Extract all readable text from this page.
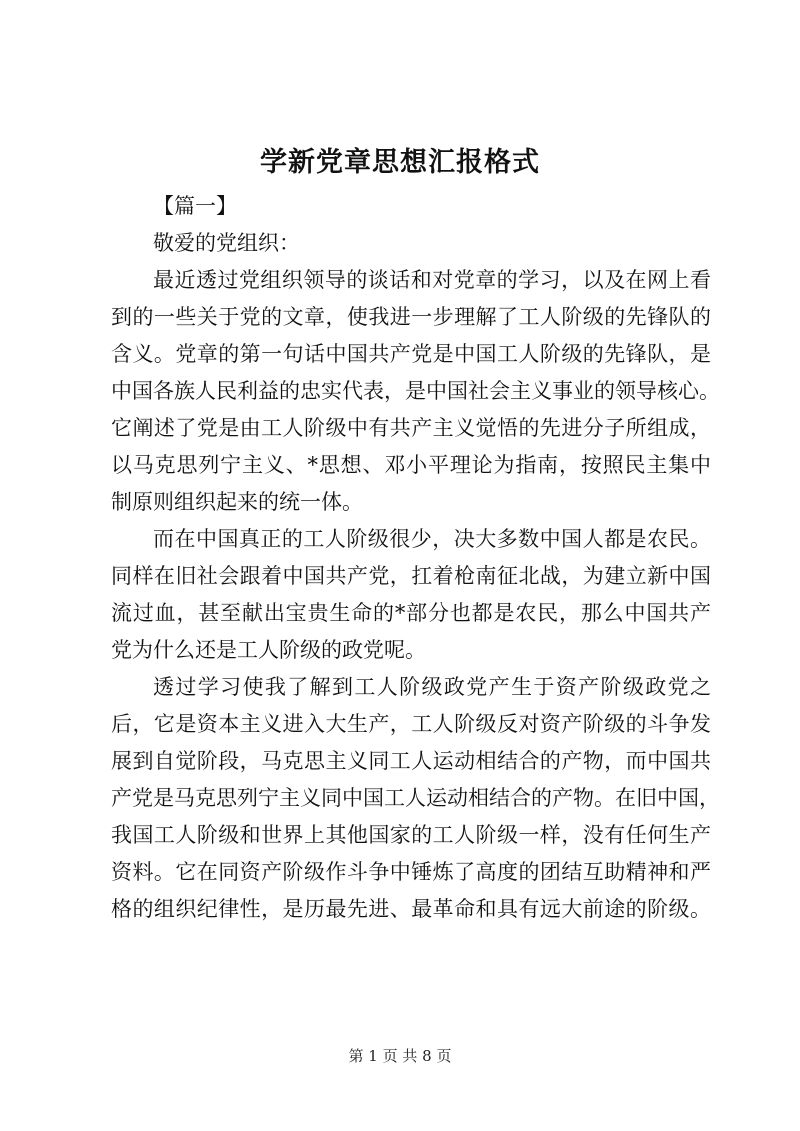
学新党章思想汇报格式
【篇一】
敬爱的党组织：
最近透过党组织领导的谈话和对党章的学习，以及在网上看
到的一些关于党的文章，使我进一步理解了工人阶级的先锋队的
含义。党章的第一句话中国共产党是中国工人阶级的先锋队，是
中国各族人民利益的忠实代表，是中国社会主义事业的领导核心。
它阐述了党是由工人阶级中有共产主义觉悟的先进分子所组成，
以马克思列宁主义、*思想、邓小平理论为指南，按照民主集中
制原则组织起来的统一体。
而在中国真正的工人阶级很少，决大多数中国人都是农民。
同样在旧社会跟着中国共产党，扛着枪南征北战，为建立新中国
流过血，甚至献出宝贵生命的*部分也都是农民，那么中国共产
党为什么还是工人阶级的政党呢。
透过学习使我了解到工人阶级政党产生于资产阶级政党之
后，它是资本主义进入大生产，工人阶级反对资产阶级的斗争发
展到自觉阶段，马克思主义同工人运动相结合的产物，而中国共
产党是马克思列宁主义同中国工人运动相结合的产物。在旧中国，
我国工人阶级和世界上其他国家的工人阶级一样，没有任何生产
资料。它在同资产阶级作斗争中锤炼了高度的团结互助精神和严
格的组织纪律性，是历最先进、最革命和具有远大前途的阶级。
第 1 页 共 8 页
